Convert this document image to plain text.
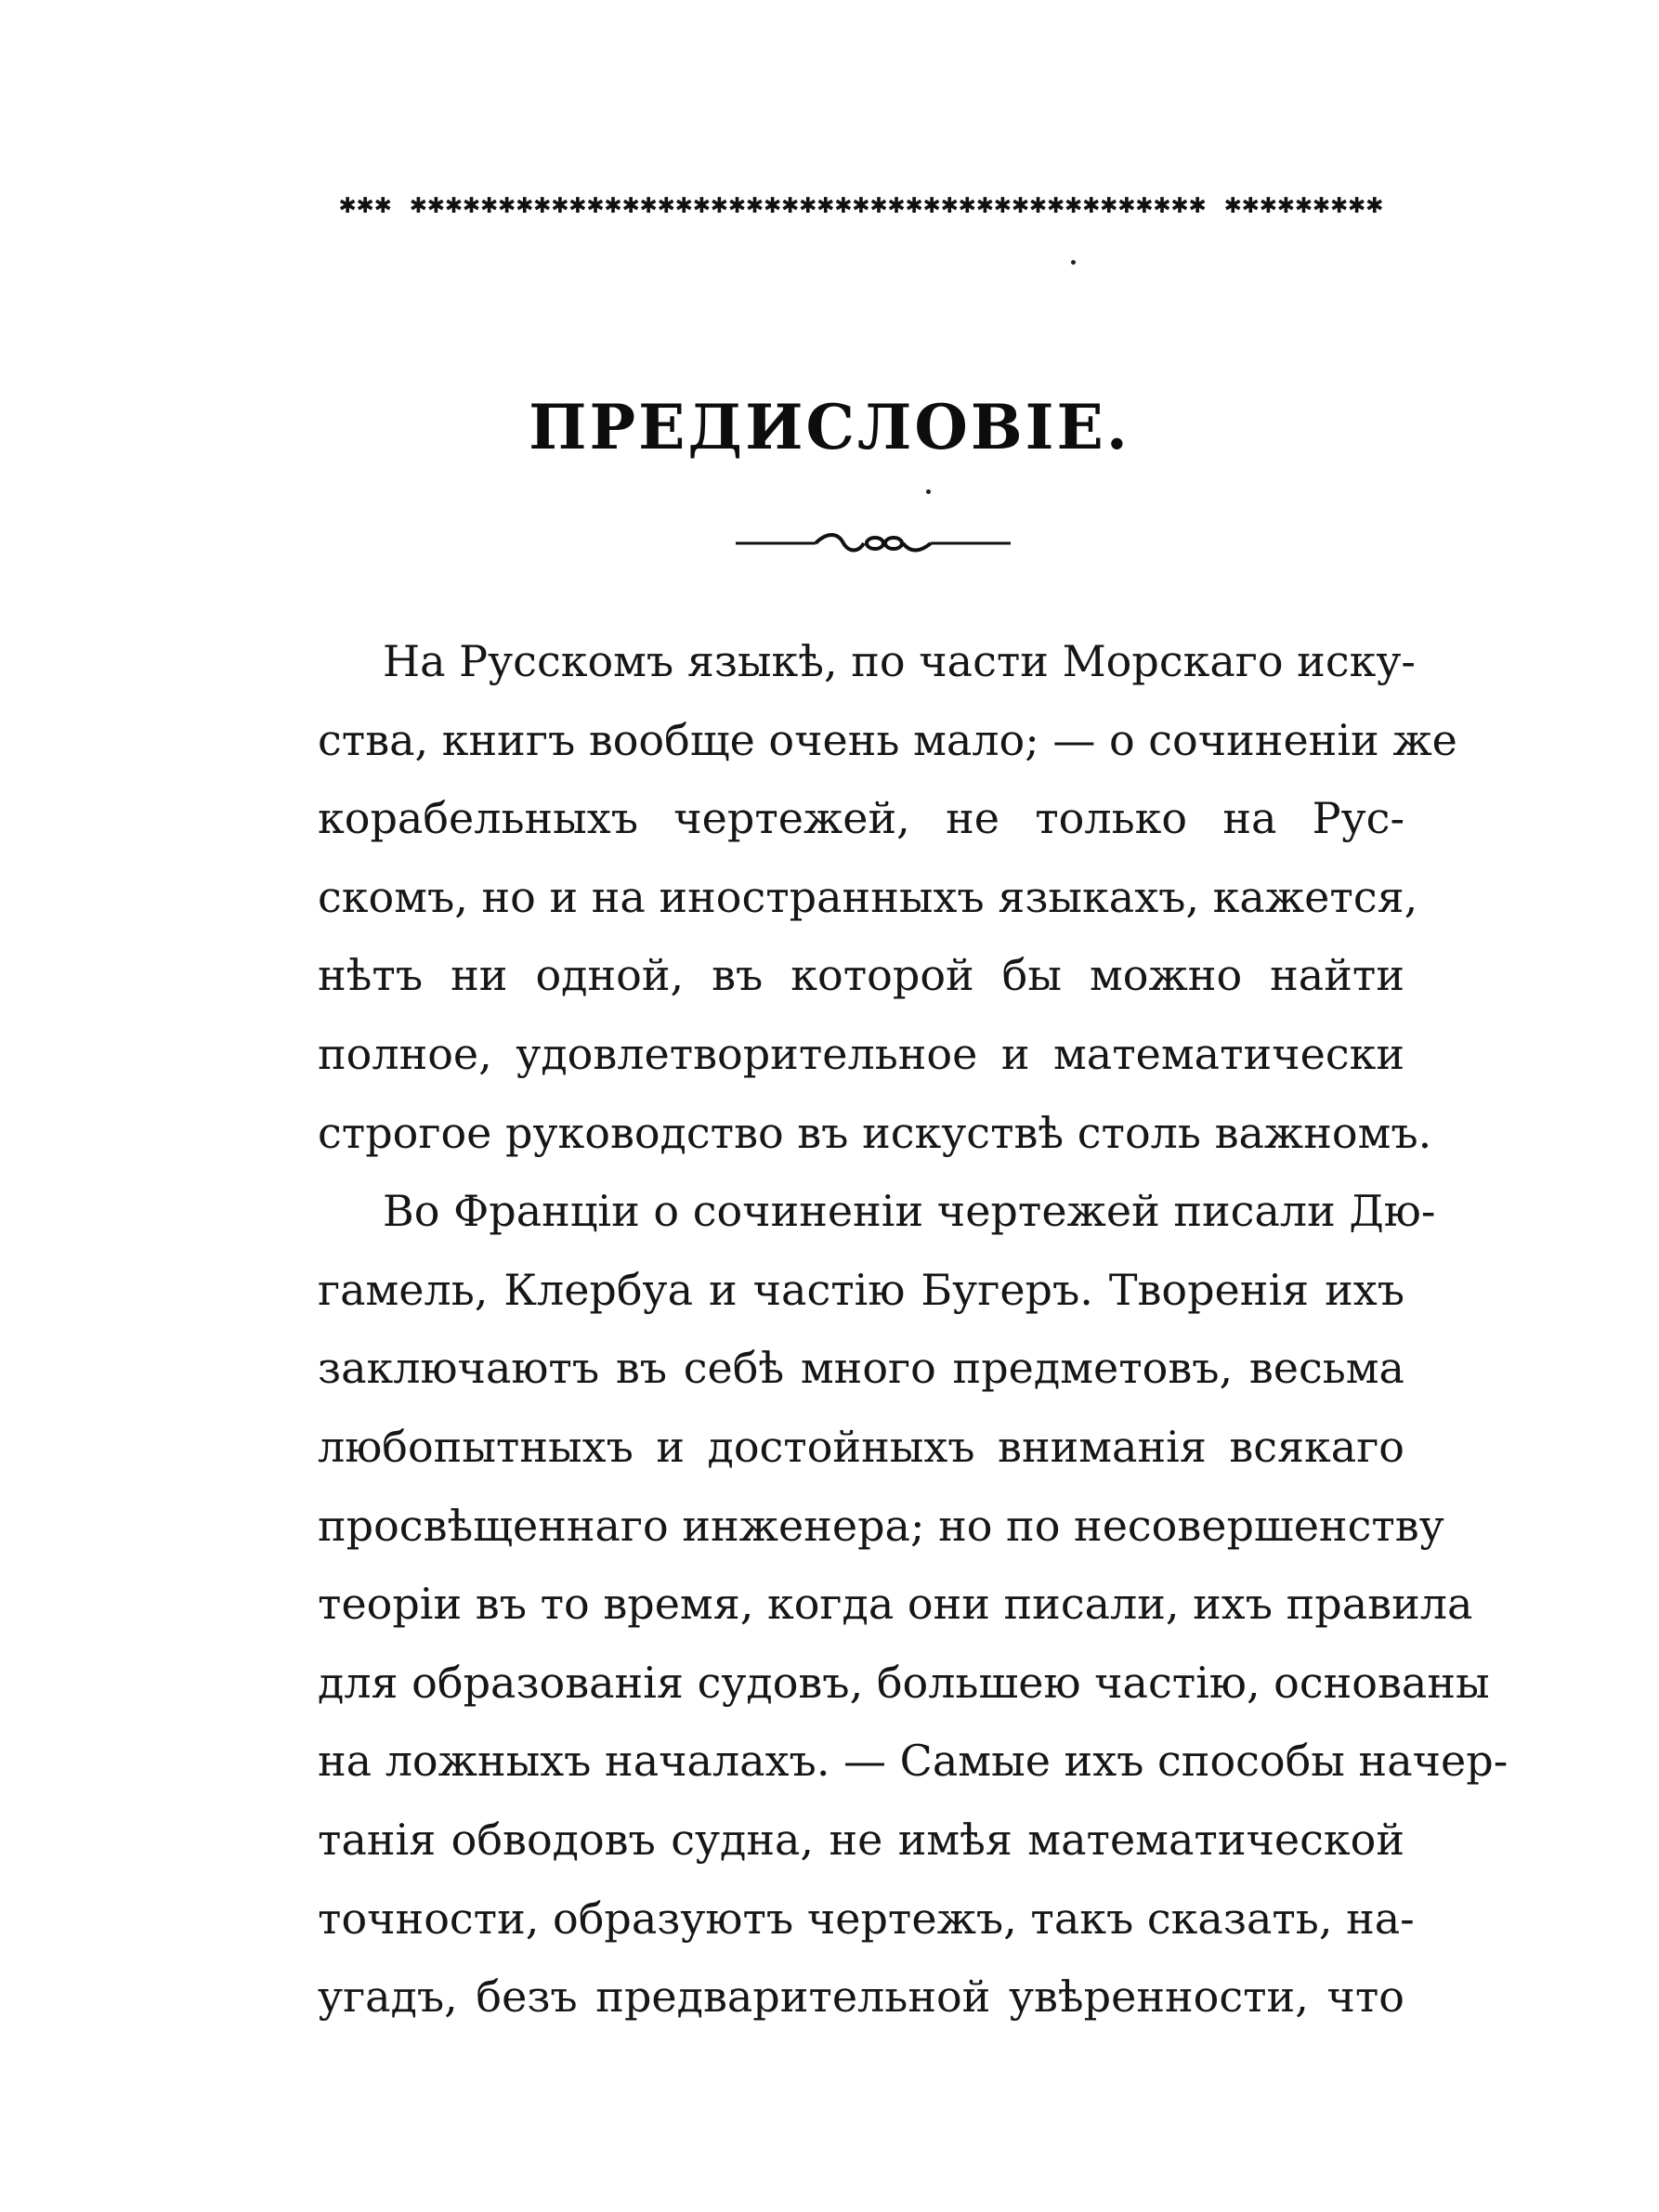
✱✱✱ ✱✱✱✱✱✱✱✱✱✱✱✱✱✱✱✱✱✱✱✱✱✱✱✱✱✱✱✱✱✱✱✱✱✱✱✱✱✱✱✱✱✱✱✱✱ ✱✱✱✱✱✱✱✱✱
ПРЕДИСЛОВІЕ.
На Русскомъ языкѣ, по части Морскаго иску-
ства, книгъ вообще очень мало; — о сочиненіи же
корабельныхъ чертежей, не только на Рус-
скомъ, но и на иностранныхъ языкахъ, кажется,
нѣтъ ни одной, въ которой бы можно найти
полное, удовлетворительное и математически
строгое руководство въ искуствѣ столь важномъ.
Во Франціи о сочиненіи чертежей писали Дю-
гамель, Клербуа и частію Бугеръ. Творенія ихъ
заключаютъ въ себѣ много предметовъ, весьма
любопытныхъ и достойныхъ вниманія всякаго
просвѣщеннаго инженера; но по несовершенству
теоріи въ то время, когда они писали, ихъ правила
для образованія судовъ, большею частію, основаны
на ложныхъ началахъ. — Самые ихъ способы начер-
танія обводовъ судна, не имѣя математической
точности, образуютъ чертежъ, такъ сказать, на-
угадъ, безъ предварительной увѣренности, что
